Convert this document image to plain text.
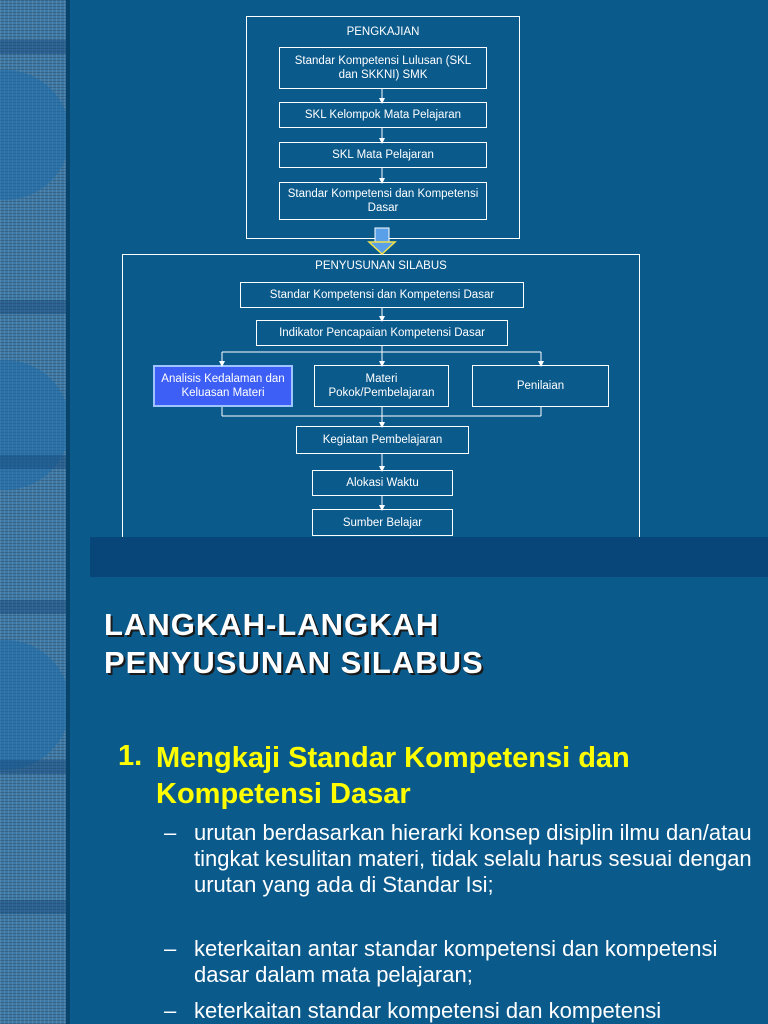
PENGKAJIAN
Standar Kompetensi Lulusan (SKL dan SKKNI) SMK
SKL Kelompok Mata Pelajaran
SKL Mata Pelajaran
Standar Kompetensi dan Kompetensi Dasar
PENYUSUNAN SILABUS
Standar Kompetensi dan Kompetensi Dasar
Indikator Pencapaian Kompetensi Dasar
Analisis Kedalaman dan Keluasan Materi
Materi Pokok/Pembelajaran
Penilaian
Kegiatan Pembelajaran
Alokasi Waktu
Sumber Belajar
LANGKAH-LANGKAH
PENYUSUNAN SILABUS
1. Mengkaji Standar Kompetensi dan Kompetensi Dasar
– urutan berdasarkan hierarki konsep disiplin ilmu dan/atau tingkat kesulitan materi, tidak selalu harus sesuai dengan urutan yang ada di Standar Isi;
– keterkaitan antar standar kompetensi dan kompetensi dasar dalam mata pelajaran;
– keterkaitan standar kompetensi dan kompetensi
